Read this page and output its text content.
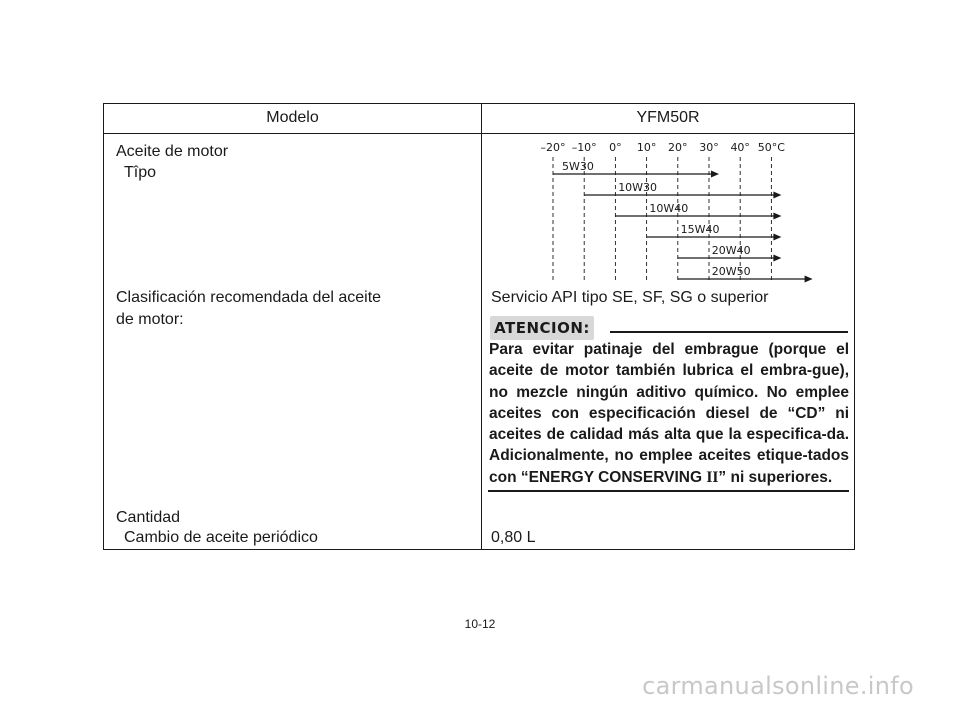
Modelo	YFM50R
Aceite de motor
Tîpo
Clasificación recomendada del aceite
de motor:
Servicio API tipo SE, SF, SG o superior
Cantidad
Cambio de aceite periódico	0,80 L
–20° –10° 0° 10° 20° 30° 40° 50°C
5W30
10W30
10W40
15W40
20W40
20W50
ATENCION:
Para evitar patinaje del embrague (porque el aceite de motor también lubrica el embra-gue), no mezcle ningún aditivo químico. No emplee aceites con especificación diesel de “CD” ni aceites de calidad más alta que la especifica-da. Adicionalmente, no emplee aceites etique-tados con “ENERGY CONSERVING II” ni superiores.
10-12
carmanualsonline.info
